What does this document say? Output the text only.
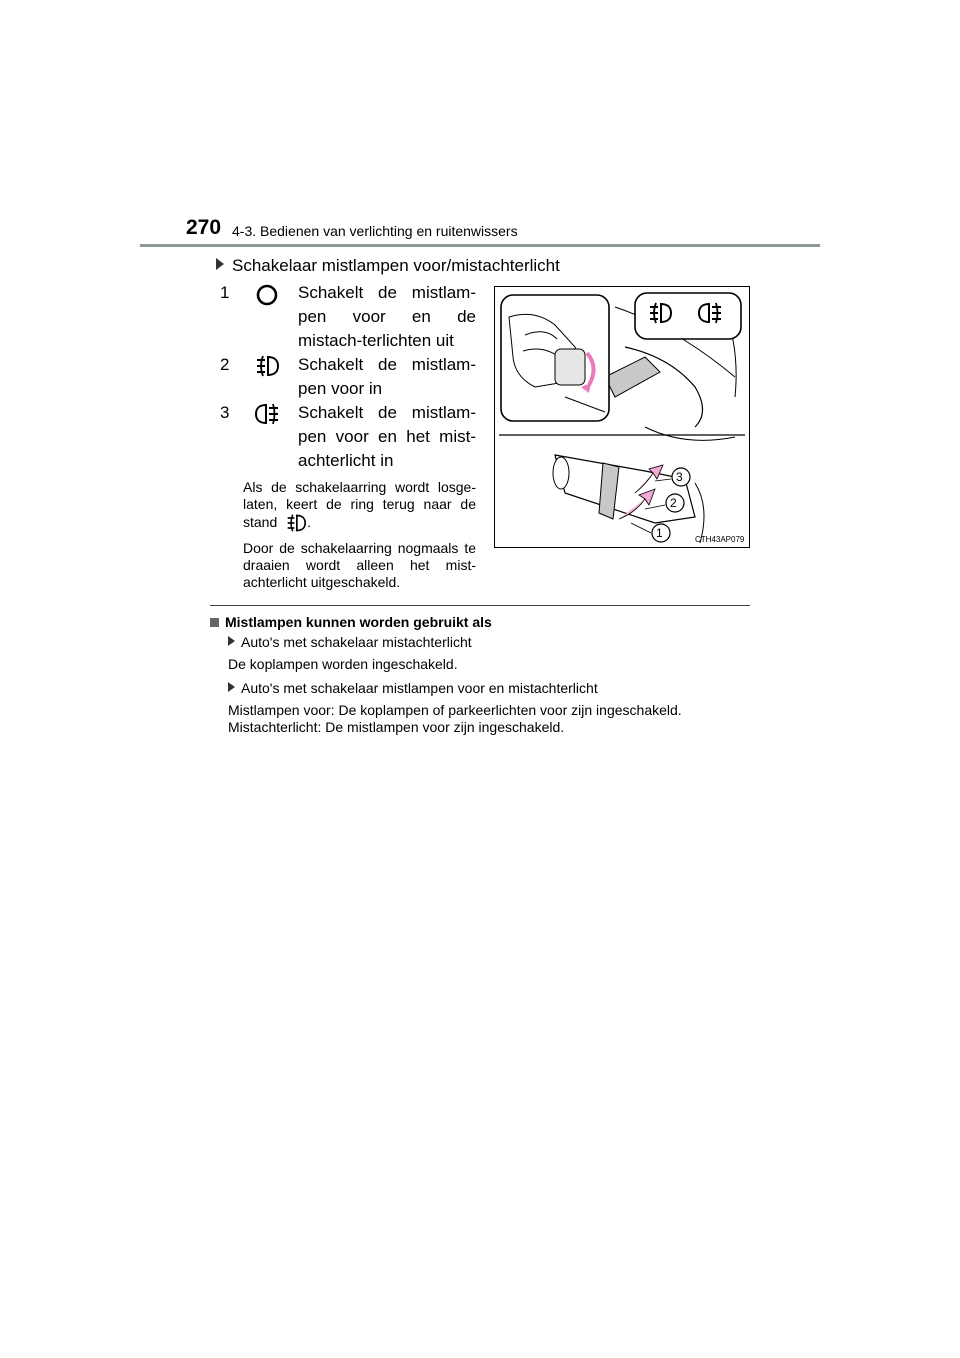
270 4-3. Bedienen van verlichting en ruitenwissers
Schakelaar mistlampen voor/mistachterlicht
1	Schakelt de mistlam-pen voor en de mistach-terlichten uit
2	Schakelt de mistlam-pen voor in
3	Schakelt de mistlam-pen voor en het mist-achterlicht in
Als de schakelaarring wordt losge-laten, keert de ring terug naar de stand .
Door de schakelaarring nogmaals te draaien wordt alleen het mist-achterlicht uitgeschakeld.
3
2
1	CTH43AP079
Mistlampen kunnen worden gebruikt als
Auto's met schakelaar mistachterlicht
De koplampen worden ingeschakeld.
Auto's met schakelaar mistlampen voor en mistachterlicht
Mistlampen voor: De koplampen of parkeerlichten voor zijn ingeschakeld.
Mistachterlicht: De mistlampen voor zijn ingeschakeld.
